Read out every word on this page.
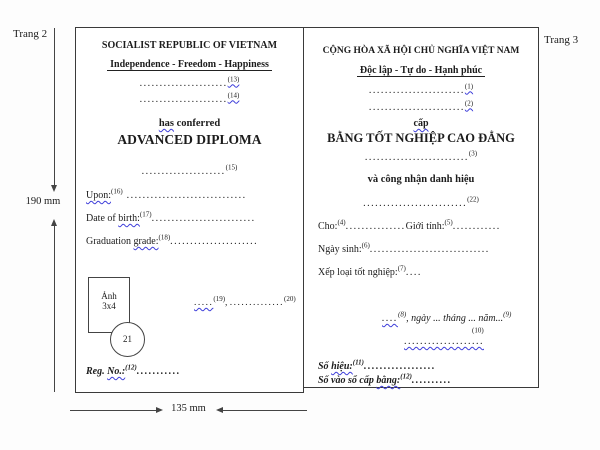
Trang 2	Trang 3
190 mm
135 mm
SOCIALIST REPUBLIC OF VIETNAM
Independence - Freedom - Happiness
......................$^{(13)}$
......................$^{(14)}$
has conferred
ADVANCED DIPLOMA
.....................$^{(15)}$
Upon:$^{(16)}$ ..............................
Date of birth:$^{(17)}$..........................
Graduation grade:$^{(18)}$......................
Ảnh
3x4
21
.....$^{(19)}$, ..............$^{(20)}$
Reg. No.:$^{(12)}$...........
CỘNG HÒA XÃ HỘI CHỦ NGHĨA VIỆT NAM
Độc lập - Tự do - Hạnh phúc
........................$^{(1)}$
........................$^{(2)}$
cấp
BẰNG TỐT NGHIỆP CAO ĐẲNG
..........................$^{(3)}$
và công nhận danh hiệu
..........................$^{(22)}$
Cho:$^{(4)}$...............Giới tính:$^{(5)}$............
Ngày sinh:$^{(6)}$..............................
Xếp loại tốt nghiệp:$^{(7)}$....
....$^{(8)}$, ngày ... tháng ... năm...$^{(9)}$
$^{(10)}$
....................
Số hiệu:$^{(11)}$..................
Số vào sổ cấp bằng:$^{(12)}$..........
